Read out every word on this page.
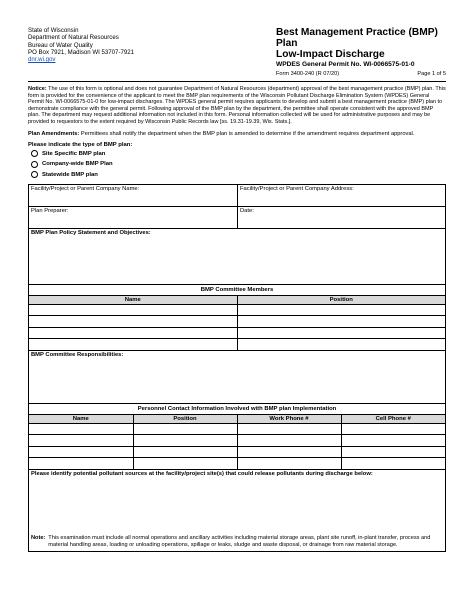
State of Wisconsin
Department of Natural Resources
Bureau of Water Quality
PO Box 7921, Madison WI 53707-7921
dnr.wi.gov
Best Management Practice (BMP) Plan
Low-Impact Discharge
WPDES General Permit No. WI-0066575-01-0
Form 3400-240 (R 07/20)	Page 1 of 5
Notice: The use of this form is optional and does not guarantee Department of Natural Resources (department) approval of the best management practice (BMP) plan. This form is provided for the convenience of the applicant to meet the BMP plan requirements of the Wisconsin Pollutant Discharge Elimination System (WPDES) General Permit No. WI-0066575-01-0 for low-impact discharges. The WPDES general permit requires applicants to develop and submit a best management practice (BMP) plan to demonstrate compliance with the general permit. Following approval of the BMP plan by the department, the permittee shall operate consistent with the approved BMP plan. The department may request additional information not included in this form. Personal information collected will be used for administrative purposes and may be provided to requestors to the extent required by Wisconsin Public Records law [ss. 19.31-19.39, Wis. Stats.].
Plan Amendments: Permittees shall notify the department when the BMP plan is amended to determine if the amendment requires department approval.
Please indicate the type of BMP plan:
Site Specific BMP plan
Company-wide BMP Plan
Statewide BMP plan
Facility/Project or Parent Company Name:	Facility/Project or Parent Company Address:
Plan Preparer:	Date:
BMP Plan Policy Statement and Objectives:
BMP Committee Members
Name	Position

BMP Committee Responsibilities:
Personnel Contact Information Involved with BMP plan Implementation
Name	Position	Work Phone #	Cell Phone #

Please identify potential pollutant sources at the facility/project site(s) that could release pollutants during discharge below:
Note: This examination must include all normal operations and ancillary activities including material storage areas, plant site runoff, in-plant transfer, process and material handling areas, loading or unloading operations, spillage or leaks, sludge and waste disposal, or drainage from raw material storage.
